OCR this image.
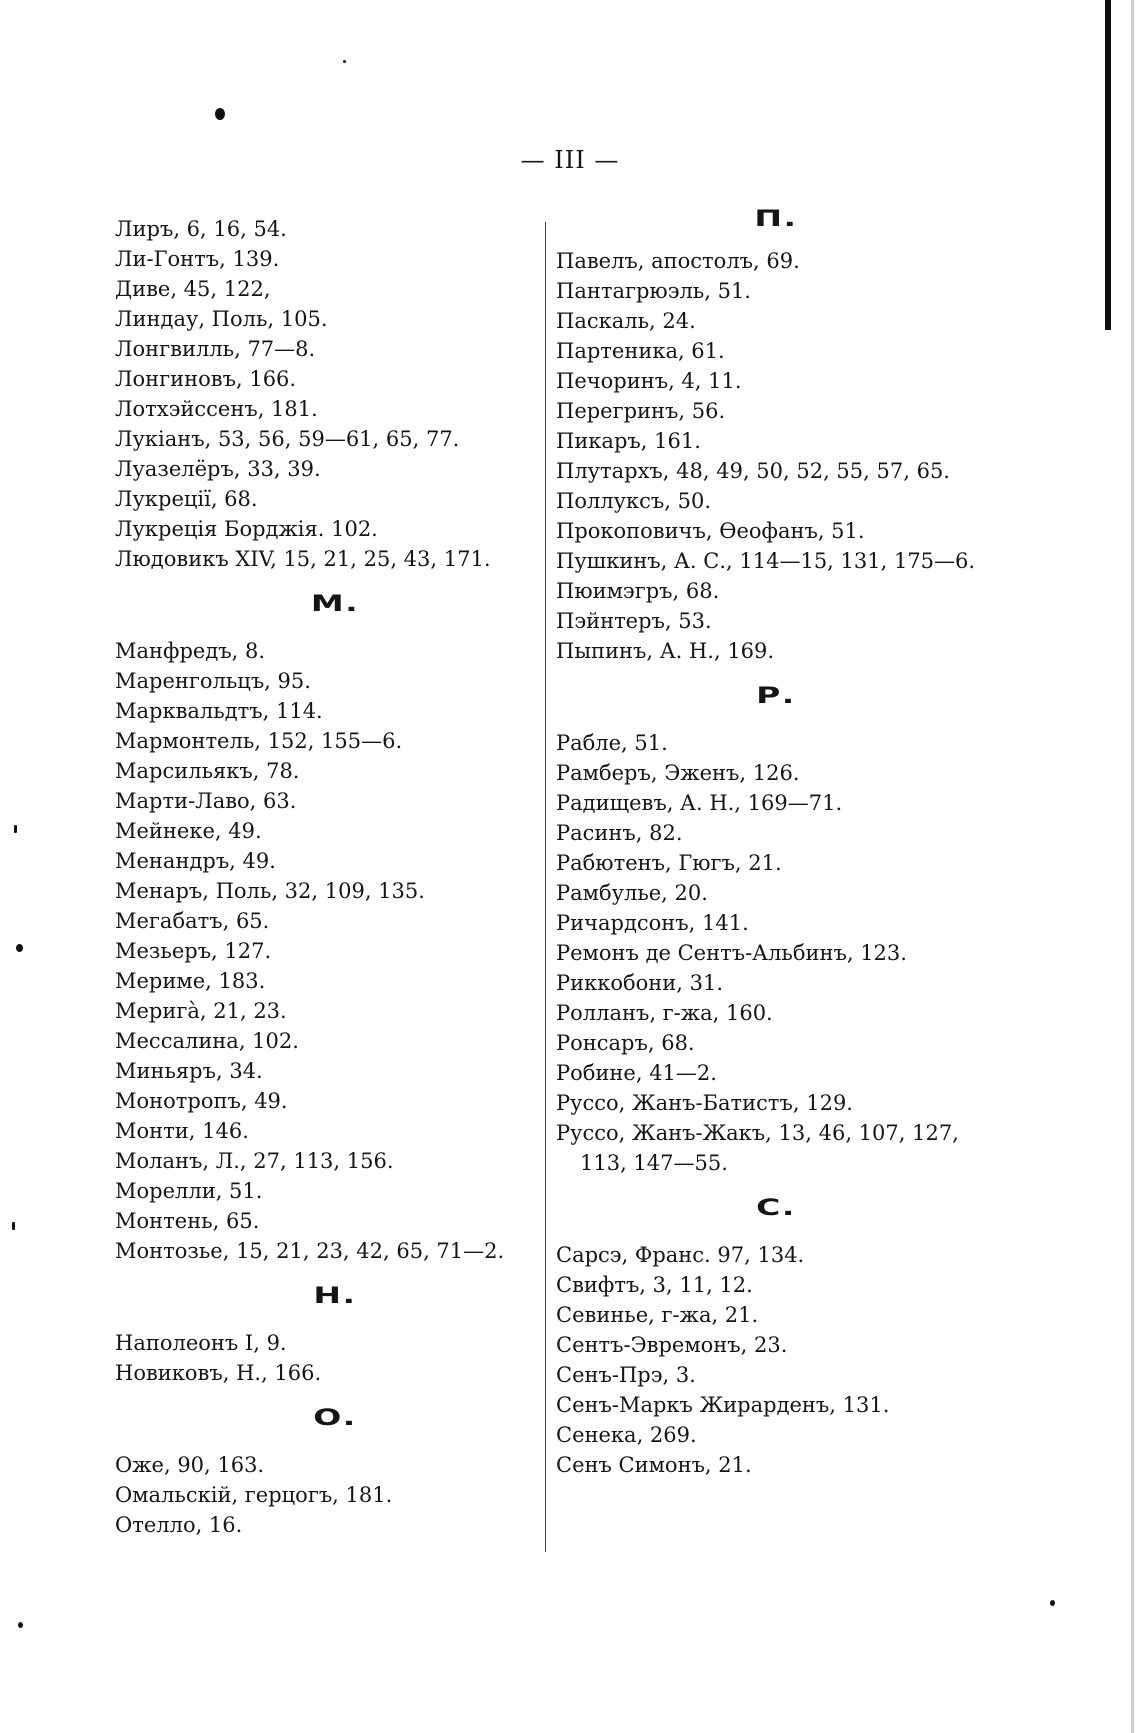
— III —
Лиръ, 6, 16, 54.
Ли-Гонтъ, 139.
Диве, 45, 122,
Линдау, Поль, 105.
Лонгвилль, 77—8.
Лонгиновъ, 166.
Лотхэйссенъ, 181.
Лукіанъ, 53, 56, 59—61, 65, 77.
Луазелёръ, 33, 39.
Лукреції, 68.
Лукреція Борджія. 102.
Людовикъ XIV, 15, 21, 25, 43, 171.
М.
Манфредъ, 8.
Маренгольцъ, 95.
Марквальдтъ, 114.
Мармонтель, 152, 155—6.
Марсильякъ, 78.
Марти-Лаво, 63.
Мейнеке, 49.
Менандръ, 49.
Менаръ, Поль, 32, 109, 135.
Мегабатъ, 65.
Мезьеръ, 127.
Мериме, 183.
Меригà, 21, 23.
Мессалина, 102.
Миньяръ, 34.
Монотропъ, 49.
Монти, 146.
Моланъ, Л., 27, 113, 156.
Морелли, 51.
Монтень, 65.
Монтозье, 15, 21, 23, 42, 65, 71—2.
Н.
Наполеонъ I, 9.
Новиковъ, Н., 166.
О.
Оже, 90, 163.
Омальскій, герцогъ, 181.
Отелло, 16.
П.
Павелъ, апостолъ, 69.
Пантагрюэль, 51.
Паскаль, 24.
Партеника, 61.
Печоринъ, 4, 11.
Перегринъ, 56.
Пикаръ, 161.
Плутархъ, 48, 49, 50, 52, 55, 57, 65.
Поллуксъ, 50.
Прокоповичъ, Өеофанъ, 51.
Пушкинъ, А. С., 114—15, 131, 175—6.
Пюимэгръ, 68.
Пэйнтеръ, 53.
Пыпинъ, А. Н., 169.
Р.
Рабле, 51.
Рамберъ, Эженъ, 126.
Радищевъ, А. Н., 169—71.
Расинъ, 82.
Рабютенъ, Гюгъ, 21.
Рамбулье, 20.
Ричардсонъ, 141.
Ремонъ де Сентъ-Альбинъ, 123.
Риккобони, 31.
Ролланъ, г-жа, 160.
Ронсаръ, 68.
Робине, 41—2.
Руссо, Жанъ-Батистъ, 129.
Руссо, Жанъ-Жакъ, 13, 46, 107, 127,
113, 147—55.
С.
Сарсэ, Франс. 97, 134.
Свифтъ, 3, 11, 12.
Севинье, г-жа, 21.
Сентъ-Эвремонъ, 23.
Сенъ-Прэ, 3.
Сенъ-Маркъ Жирарденъ, 131.
Сенека, 269.
Сенъ Симонъ, 21.
